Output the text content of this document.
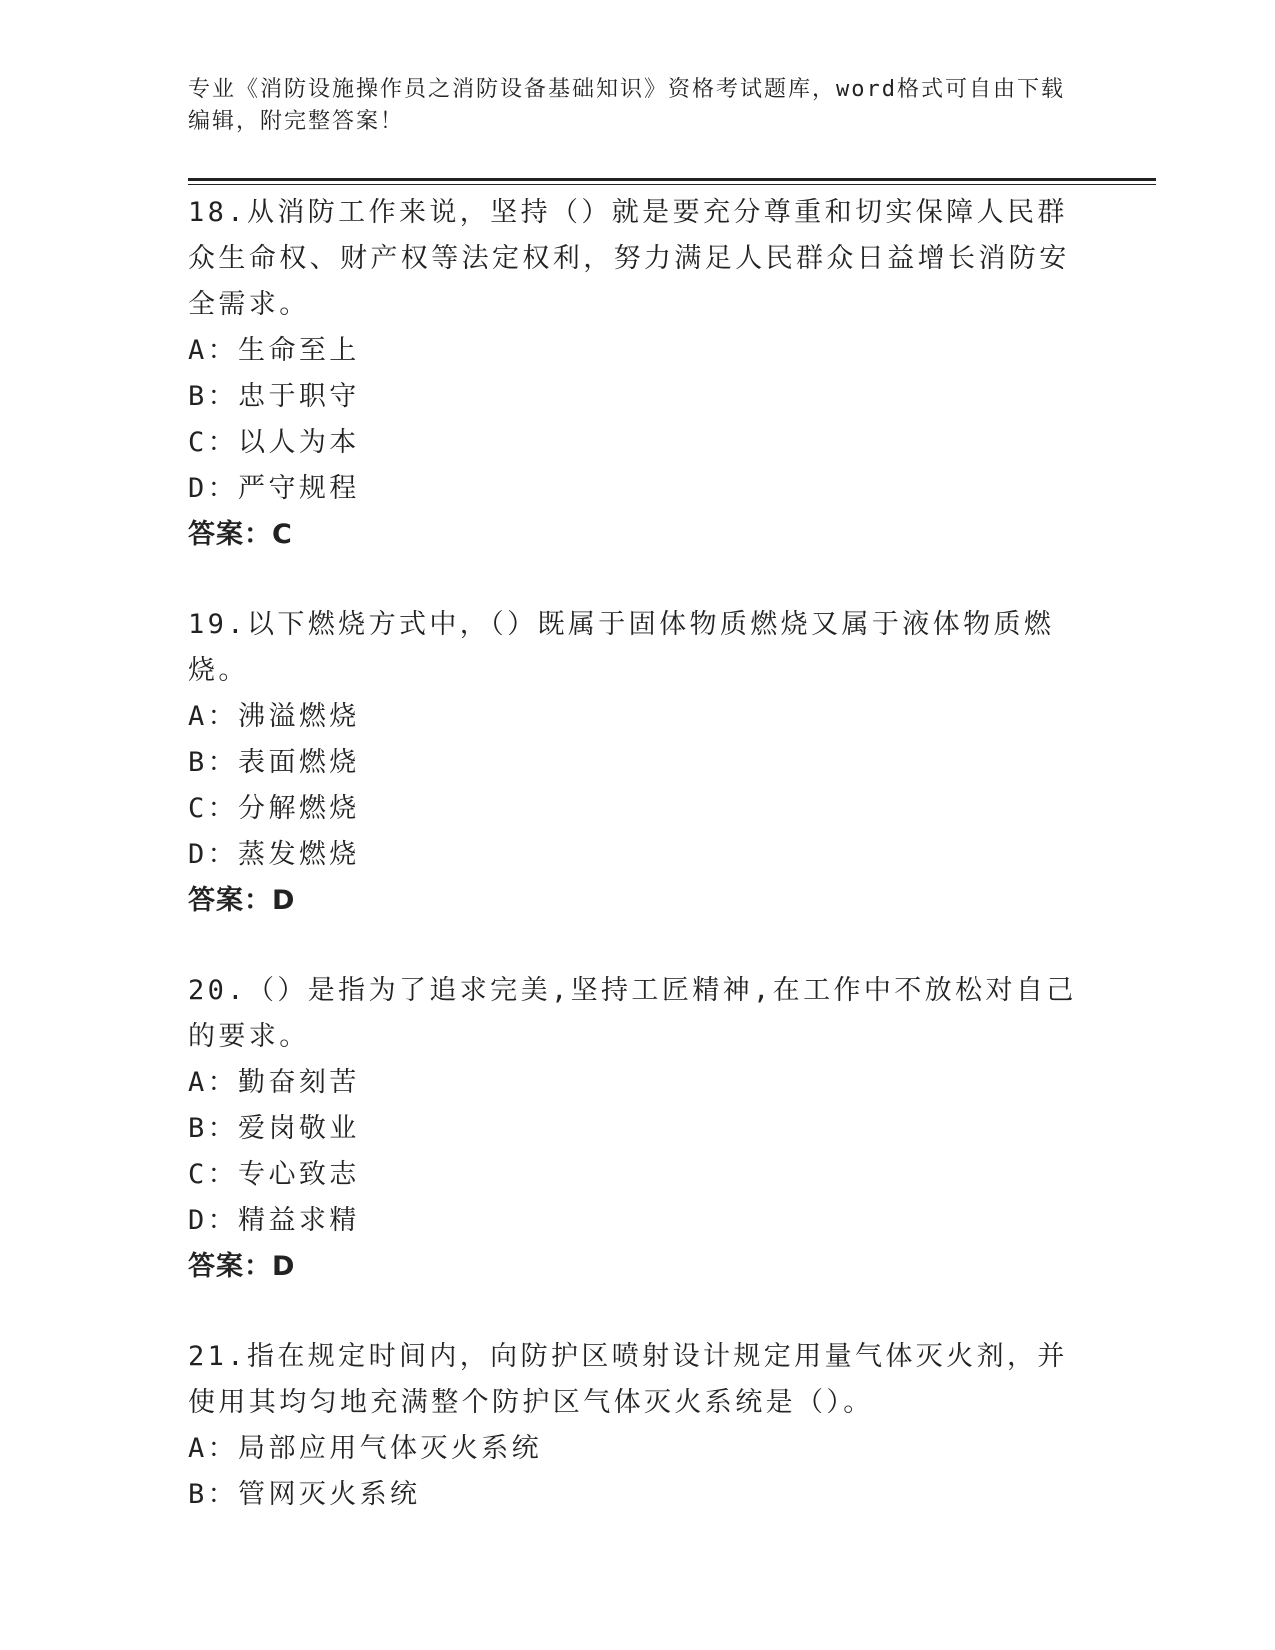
专业《消防设施操作员之消防设备基础知识》资格考试题库，word格式可自由下载编辑，附完整答案！

18.从消防工作来说，坚持（）就是要充分尊重和切实保障人民群众生命权、财产权等法定权利，努力满足人民群众日益增长消防安全需求。

A：生命至上

B：忠于职守

C：以人为本

D：严守规程

答案：C

19.以下燃烧方式中，（）既属于固体物质燃烧又属于液体物质燃烧。

A：沸溢燃烧

B：表面燃烧

C：分解燃烧

D：蒸发燃烧

答案：D

20.（）是指为了追求完美,坚持工匠精神,在工作中不放松对自己的要求。

A：勤奋刻苦

B：爱岗敬业

C：专心致志

D：精益求精

答案：D

21.指在规定时间内，向防护区喷射设计规定用量气体灭火剂，并使用其均匀地充满整个防护区气体灭火系统是（）。

A：局部应用气体灭火系统

B：管网灭火系统
